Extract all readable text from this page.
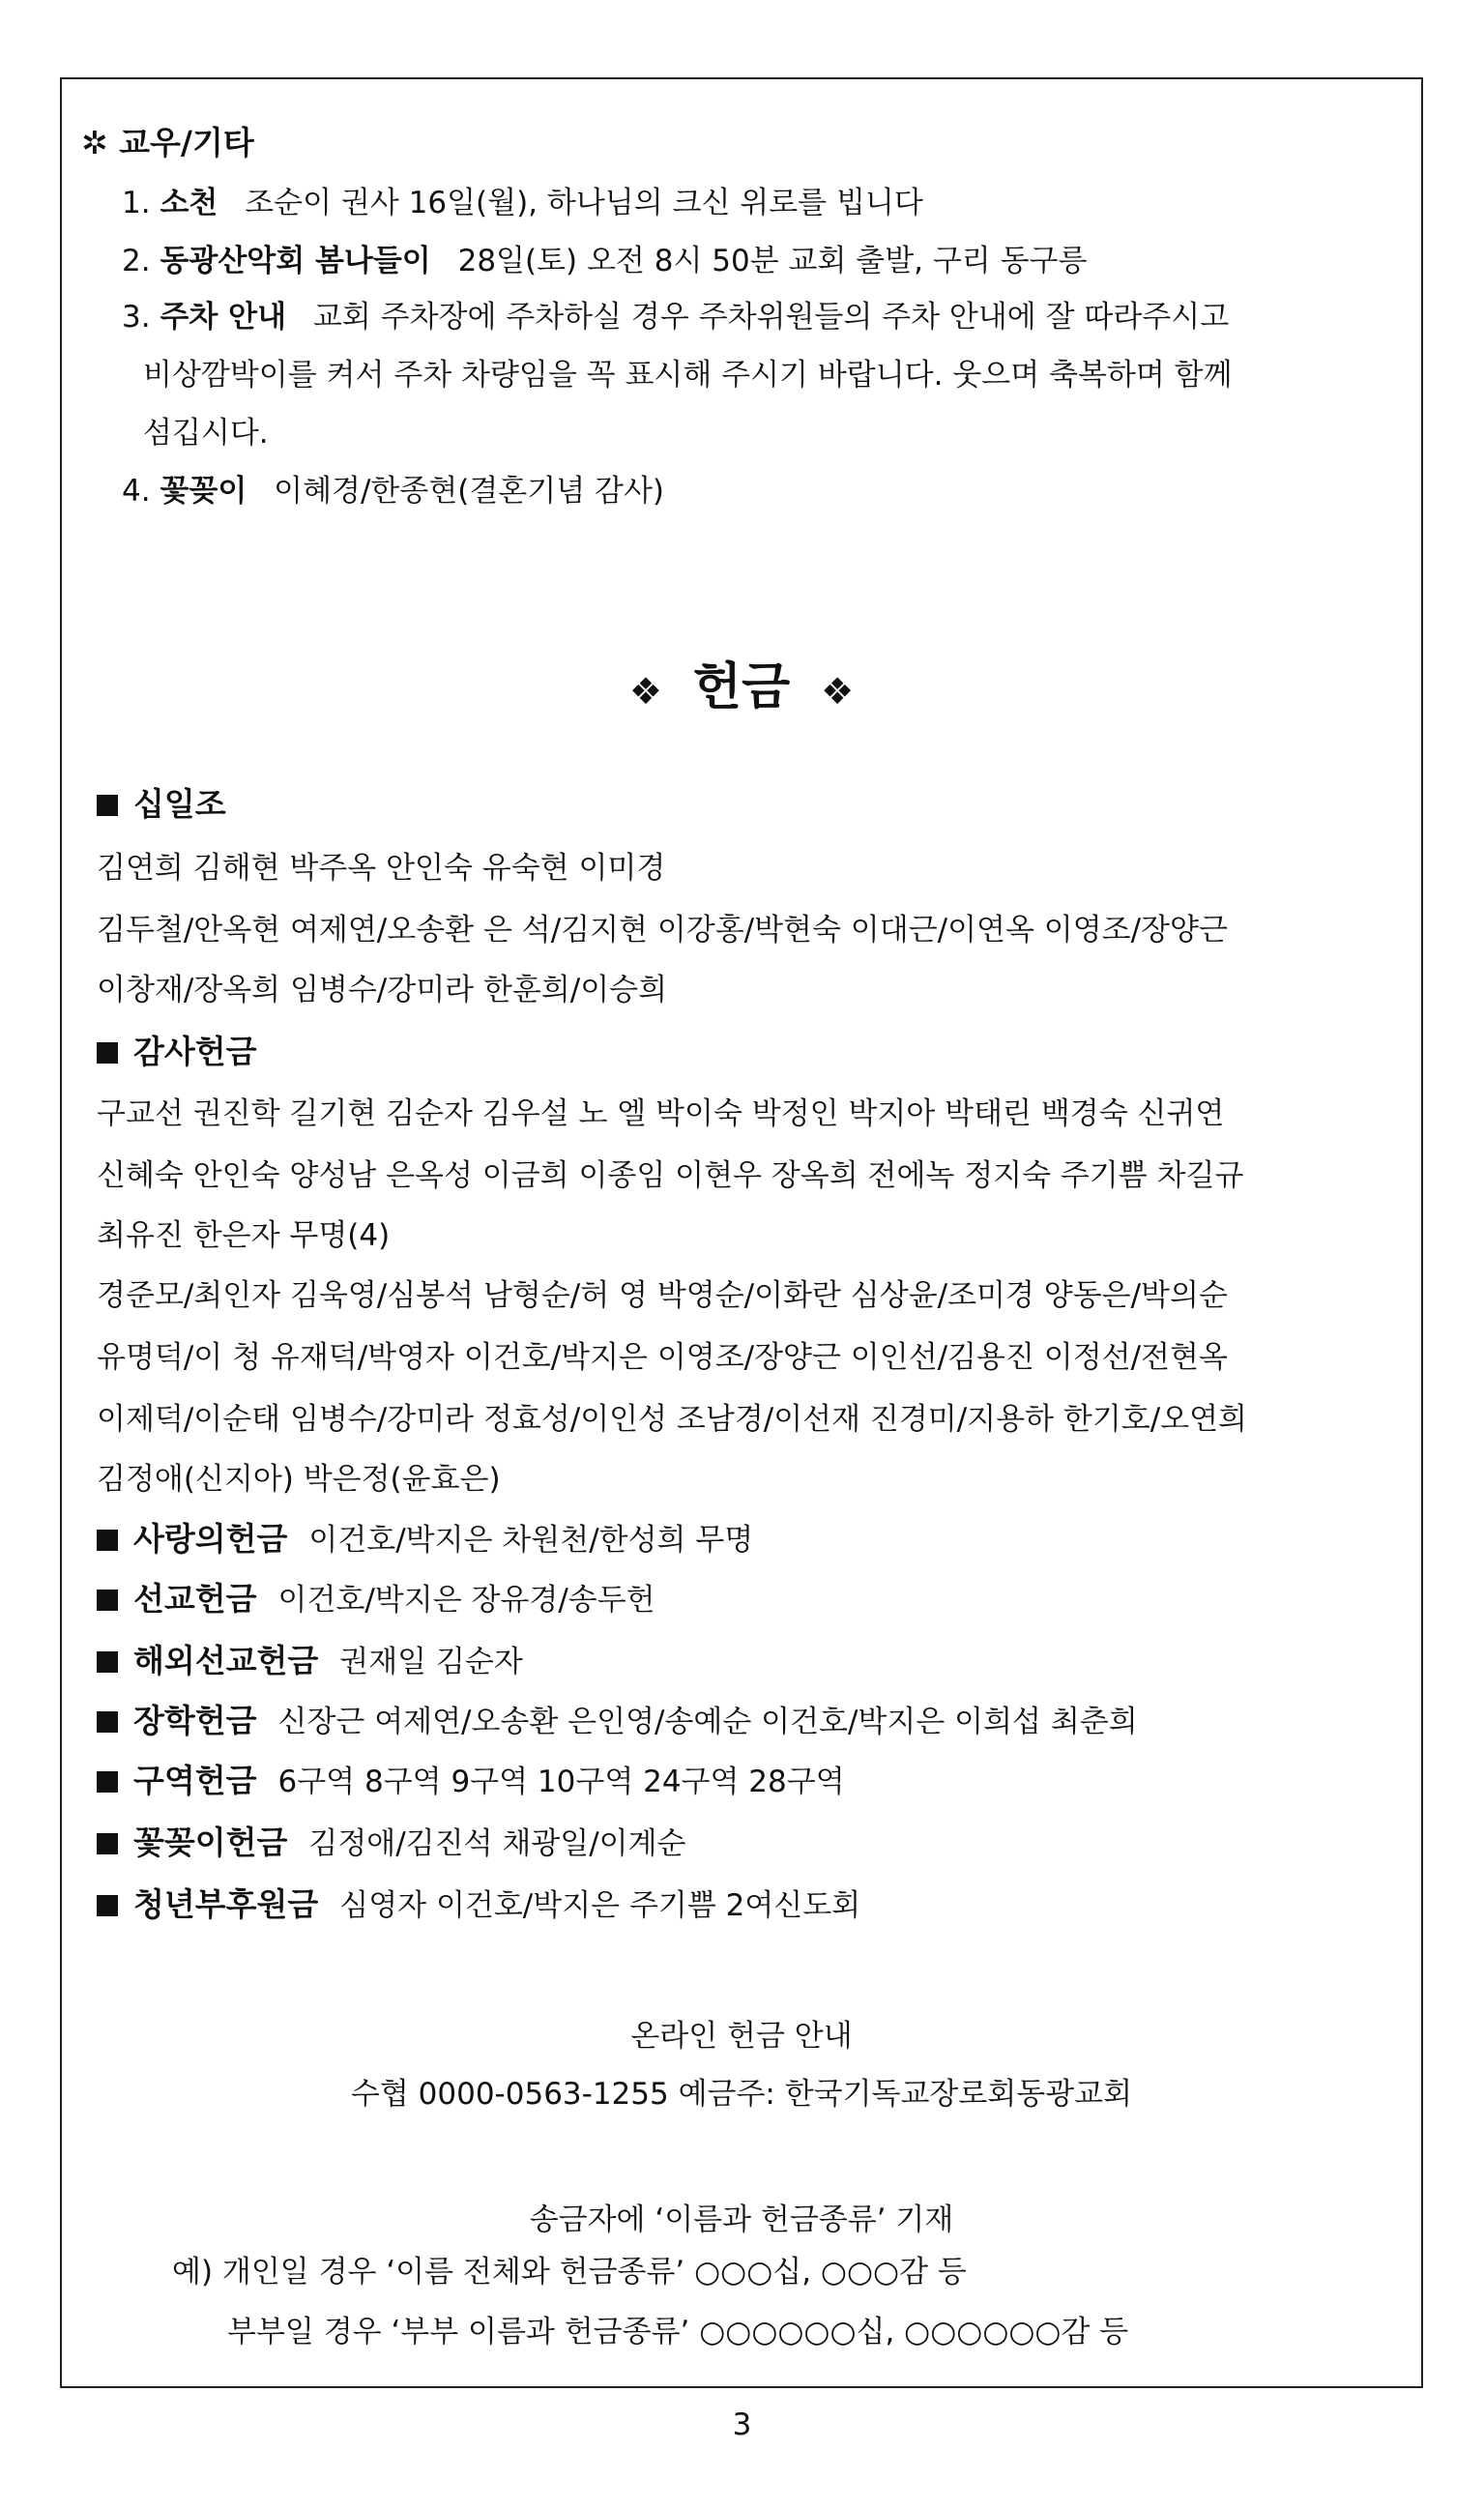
✲ 교우/기타
1. 소천 조순이 권사 16일(월), 하나님의 크신 위로를 빕니다
2. 동광산악회 봄나들이 28일(토) 오전 8시 50분 교회 출발, 구리 동구릉
3. 주차 안내 교회 주차장에 주차하실 경우 주차위원들의 주차 안내에 잘 따라주시고
비상깜박이를 켜서 주차 차량임을 꼭 표시해 주시기 바랍니다. 웃으며 축복하며 함께
섬깁시다.
4. 꽃꽂이 이혜경/한종현(결혼기념 감사)
❖ 헌금 ❖
십일조
김연희 김해현 박주옥 안인숙 유숙현 이미경
김두철/안옥현 여제연/오송환 은 석/김지현 이강홍/박현숙 이대근/이연옥 이영조/장양근
이창재/장옥희 임병수/강미라 한훈희/이승희
감사헌금
구교선 권진학 길기현 김순자 김우설 노 엘 박이숙 박정인 박지아 박태린 백경숙 신귀연
신혜숙 안인숙 양성남 은옥성 이금희 이종임 이현우 장옥희 전에녹 정지숙 주기쁨 차길규
최유진 한은자 무명(4)
경준모/최인자 김욱영/심봉석 남형순/허 영 박영순/이화란 심상윤/조미경 양동은/박의순
유명덕/이 청 유재덕/박영자 이건호/박지은 이영조/장양근 이인선/김용진 이정선/전현옥
이제덕/이순태 임병수/강미라 정효성/이인성 조남경/이선재 진경미/지용하 한기호/오연희
김정애(신지아) 박은정(윤효은)
사랑의헌금 이건호/박지은 차원천/한성희 무명
선교헌금 이건호/박지은 장유경/송두헌
해외선교헌금 권재일 김순자
장학헌금 신장근 여제연/오송환 은인영/송예순 이건호/박지은 이희섭 최춘희
구역헌금 6구역 8구역 9구역 10구역 24구역 28구역
꽃꽂이헌금 김정애/김진석 채광일/이계순
청년부후원금 심영자 이건호/박지은 주기쁨 2여신도회
온라인 헌금 안내
수협 0000-0563-1255 예금주: 한국기독교장로회동광교회
송금자에 ‘이름과 헌금종류’ 기재
예) 개인일 경우 ‘이름 전체와 헌금종류’ ○○○십, ○○○감 등
부부일 경우 ‘부부 이름과 헌금종류’ ○○○○○○십, ○○○○○○감 등
3
